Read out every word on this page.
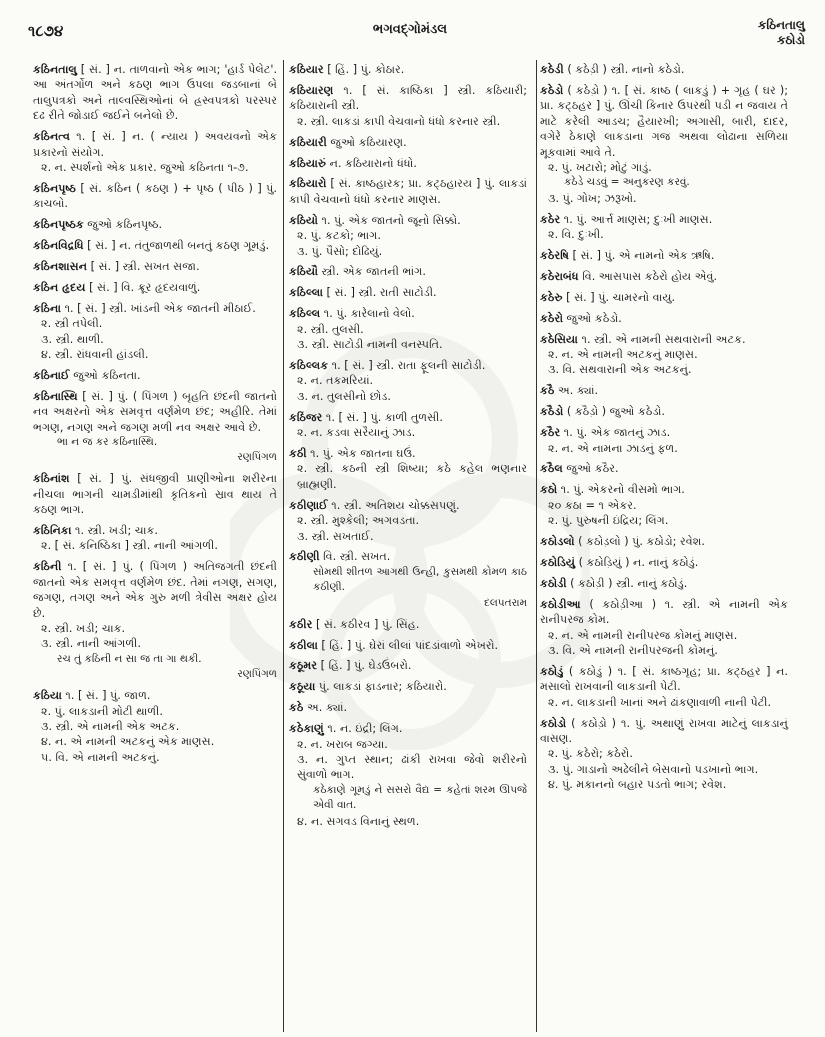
૧૮૭૪	ભગવદ્ગોમંડલ	કઠિનતાલુ
કઠોડો
કઠિનતાલુ [ સં. ] ન. તાળવાનો એક ભાગ; 'હાર્ડ પેલેટ'. આ અંતર્ગોળ અને કઠણ ભાગ ઉપલા જડબાનાં બે તાલુપત્રકો અને તાલ્વસ્થિઓનાં બે હ્રસ્વપત્રકો પરસ્પર દઢ રીતે જોડાઈ જઈને બનેલો છે.
કઠિનત્વ ૧. [ સં. ] ન. ( ન્યાય ) અવયવનો એક પ્રકારનો સંયોગ.
૨. ન. સ્પર્શનો એક પ્રકાર. જુઓ કઠિનતા ૧-૭.
કઠિનપૃષ્ઠ [ સં. કઠિન ( કઠણ ) + પૃષ્ઠ ( પીઠ ) ] પું. કાચબો.
કઠિનપૃષ્ઠક જુઓ કઠિનપૃષ્ઠ.
કઠિનવિદ્રધિ [ સં. ] ન. તંતુજાળથી બનતું કઠણ ગૂમડું.
કઠિનશાસન [ સં. ] સ્ત્રી. સખત સજા.
કઠિન હૃદય [ સં. ] વિ. ક્રૂર હૃદયવાળું.
કઠિના ૧. [ સં. ] સ્ત્રી. ખાંડની એક જાતની મીઠાઈ.
૨. સ્ત્રી તપેલી.
૩. સ્ત્રી. થાળી.
૪. સ્ત્રી. રાંધવાની હાંડલી.
કઠિનાઈ જુઓ કઠિનતા.
કઠિનાસ્થિ [ સં. ] પું. ( પિંગળ ) બૃહતિ છંદની જાતનો નવ અક્ષરનો એક સમવૃત્ત વર્ણમેળ છંદ; અહીરિ. તેમાં ભગણ, નગણ અને જગણ મળી નવ અક્ષર આવે છે.
ભા ન જ કર કઠિનાસ્થિ.
રણપિંગળ
કઠિનાંશ [ સં. ] પું. સંધજીવી પ્રાણીઓના શરીરના નીચલા ભાગની ચામડીમાંથી કૃતિકનો સ્રાવ થાય તે કઠણ ભાગ.
કઠિનિકા ૧. સ્ત્રી. ખડી; ચાક.
૨. [ સં. કનિષ્ઠિકા ] સ્ત્રી. નાની આંગળી.
કઠિની ૧. [ સં. ] પું. ( પિંગળ ) અતિજગતી છંદની જાતનો એક સમવૃત્ત વર્ણમેળ છંદ. તેમાં નગણ, સગણ, જગણ, તગણ અને એક ગુરુ મળી ત્રેવીસ અક્ષર હોય છે.
૨. સ્ત્રી. ખડી; ચાક.
૩. સ્ત્રી. નાની આંગળી.
રચ તું કઠિની ન સા જ તા ગા થકી.
રણપિંગળ
કઠિયા ૧. [ સં. ] પું. જાળ.
૨. પું. લાકડાની મોટી થાળી.
૩. સ્ત્રી. એ નામની એક અટક.
૪. ન. એ નામની અટકનું એક માણસ.
૫. વિ. એ નામની અટકનું.
કઠિયાર [ હિં. ] પું. કોઠાર.
કઠિયારણ ૧. [ સં. કાષ્ઠિકા ] સ્ત્રી. કઠિયારી; કઠિયારાની સ્ત્રી.
૨. સ્ત્રી. લાકડાં કાપી વેચવાનો ધંધો કરનાર સ્ત્રી.
કઠિયારી જુઓ કઠિયારણ.
કઠિયારું ન. કઠિયારાનો ધંધો.
કઠિયારો [ સં. કાષ્ઠહારક; પ્રા. કટ્ઠહારય ] પું. લાકડાં કાપી વેચવાનો ધંધો કરનાર માણસ.
કઠિયો ૧. પું. એક જાતનો જૂનો સિક્કો.
૨. પું. કટકો; ભાગ.
૩. પું. પૈસો; દોઢિયું.
કઠિયૌ સ્ત્રી. એક જાતની ભાંગ.
કઠિલ્લા [ સં. ] સ્ત્રી. રાતી સાટોડી.
કઠિલ્લ ૧. પું. કારેલાનો વેલો.
૨. સ્ત્રી. તુલસી.
૩. સ્ત્રી. સાટોડી નામની વનસ્પતિ.
કઠિલ્લક ૧. [ સં. ] સ્ત્રી. રાતા ફૂલની સાટોડી.
૨. ન. તકમરિયાં.
૩. ન. તુલસીનો છોડ.
કઠિંજર ૧. [ સં. ] પું. કાળી તુળસી.
૨. ન. કડવા સરૈયાનું ઝાડ.
કઠી ૧. પું. એક જાતના ઘઉં.
૨. સ્ત્રી. કઠની સ્ત્રી શિષ્યા; કઠે કહેલ ભણનાર બ્રાહ્મણી.
કઠીણાઈ ૧. સ્ત્રી. અતિશય ચોક્કસપણું.
૨. સ્ત્રી. મુશ્કેલી; અગવડતા.
૩. સ્ત્રી. સખતાઈ.
કઠીણી વિ. સ્ત્રી. સખત.
સોમથી શીતળ આગથી ઉન્હી, કુસમથી કોમળ કાઠ કઠીણી.
દલપતરામ
કઠીર [ સં. કઠીરવ ] પું. સિંહ.
કઠીલા [ હિં. ] પું. ઘેરાં લીલાં પાંદડાંવાળો એખરો.
કઠૂમર [ હિં. ] પું. ઘેડઉંબરો.
કઠૂયા પું. લાકડાં ફાડનાર; કઠિયારો.
કઠે અ. ક્યાં.
કઠેકાણું ૧. ન. ઇંદ્રી; લિંગ.
૨. ન. ખરાબ જગ્યા.
૩. ન. ગુપ્ત સ્થાન; ઢાંકી રાખવા જેવો શરીરનો સુંવાળો ભાગ.
કઠેકાણે ગૂમડું ને સસરો વૈદ્ય = કહેતાં શરમ ઊપજે એવી વાત.
૪. ન. સગવડ વિનાનું સ્થળ.
કઠેડી ( કઠેડ઼ી ) સ્ત્રી. નાનો કઠેડો.
કઠેડો ( કઠેડ઼ો ) ૧. [ સં. કાષ્ઠ ( લાકડું ) + ગૃહ ( ઘર ); પ્રા. કટ્ઠહર ] પું. ઊંચી કિનાર ઉપરથી પડી ન જવાય તે માટે કરેલી આડચ; હૈયારખી; અગાસી, બારી, દાદર, વગેરે ઠેકાણે લાકડાના ગજ અથવા લોઢાના સળિયા મૂકવામાં આવે તે.
૨. પું. ખટારો; મોટું ગાડું.
કઠેડે ચડવું = અનુકરણ કરવું.
૩. પું. ગોખ; ઝરૂખો.
કઠેર ૧. પું. આર્ત્ત માણસ; દુઃખી માણસ.
૨. વિ. દુઃખી.
કઠેરષિ [ સં. ] પું. એ નામનો એક ઋષિ.
કઠેરાબંધ વિ. આસપાસ કઠેરો હોય એવું.
કઠેરુ [ સં. ] પું. ચામરનો વાયુ.
કઠેરો જુઓ કઠેડો.
કઠેસિયા ૧. સ્ત્રી. એ નામની સથવારાની અટક.
૨. ન. એ નામની અટકનું માણસ.
૩. વિ. સથવારાની એક અટકનું.
કઠૈ અ. ક્યાં.
કઠૈડો ( કઠૈડ઼ો ) જુઓ કઠેડો.
કઠૈર ૧. પું. એક જાતનું ઝાડ.
૨. ન. એ નામના ઝાડનું ફળ.
કઠૈલ જુઓ કઠૈર.
કઠો ૧. પું. એકરનો વીસમો ભાગ.
૨૦ કઠા = ૧ એકર.
૨. પું. પુરુષની ઇંદ્રિય; લિંગ.
કઠોડલો ( કઠોડ઼લો ) પું. કઠોડો; રવેશ.
કઠોડિયું ( કઠોડ઼િયું ) ન. નાનું કઠોડું.
કઠોડી ( કઠોડ઼ી ) સ્ત્રી. નાનું કઠોડું.
કઠોડીઆ ( કઠોડ઼ીઆ ) ૧. સ્ત્રી. એ નામની એક રાનીપરજ કોમ.
૨. ન. એ નામની રાનીપરજ કોમનું માણસ.
૩. વિ. એ નામની રાનીપરજની કોમનું.
કઠોડું ( કઠોડ઼ું ) ૧. [ સં. કાષ્ઠગૃહ; પ્રા. કટ્ઠહર ] ન. મસાલો રાખવાની લાકડાની પેટી.
૨. ન. લાકડાની ખાનાં અને ઢાંકણાવાળી નાની પેટી.
કઠોડો ( કઠોડ઼ો ) ૧. પું. અથાણું રાખવા માટેનું લાકડાનું વાસણ.
૨. પું. કઠેરો; કઠેરો.
૩. પું. ગાડાનો અઢેલીને બેસવાનો પડખાનો ભાગ.
૪. પું. મકાનનો બહાર પડતો ભાગ; રવેશ.
